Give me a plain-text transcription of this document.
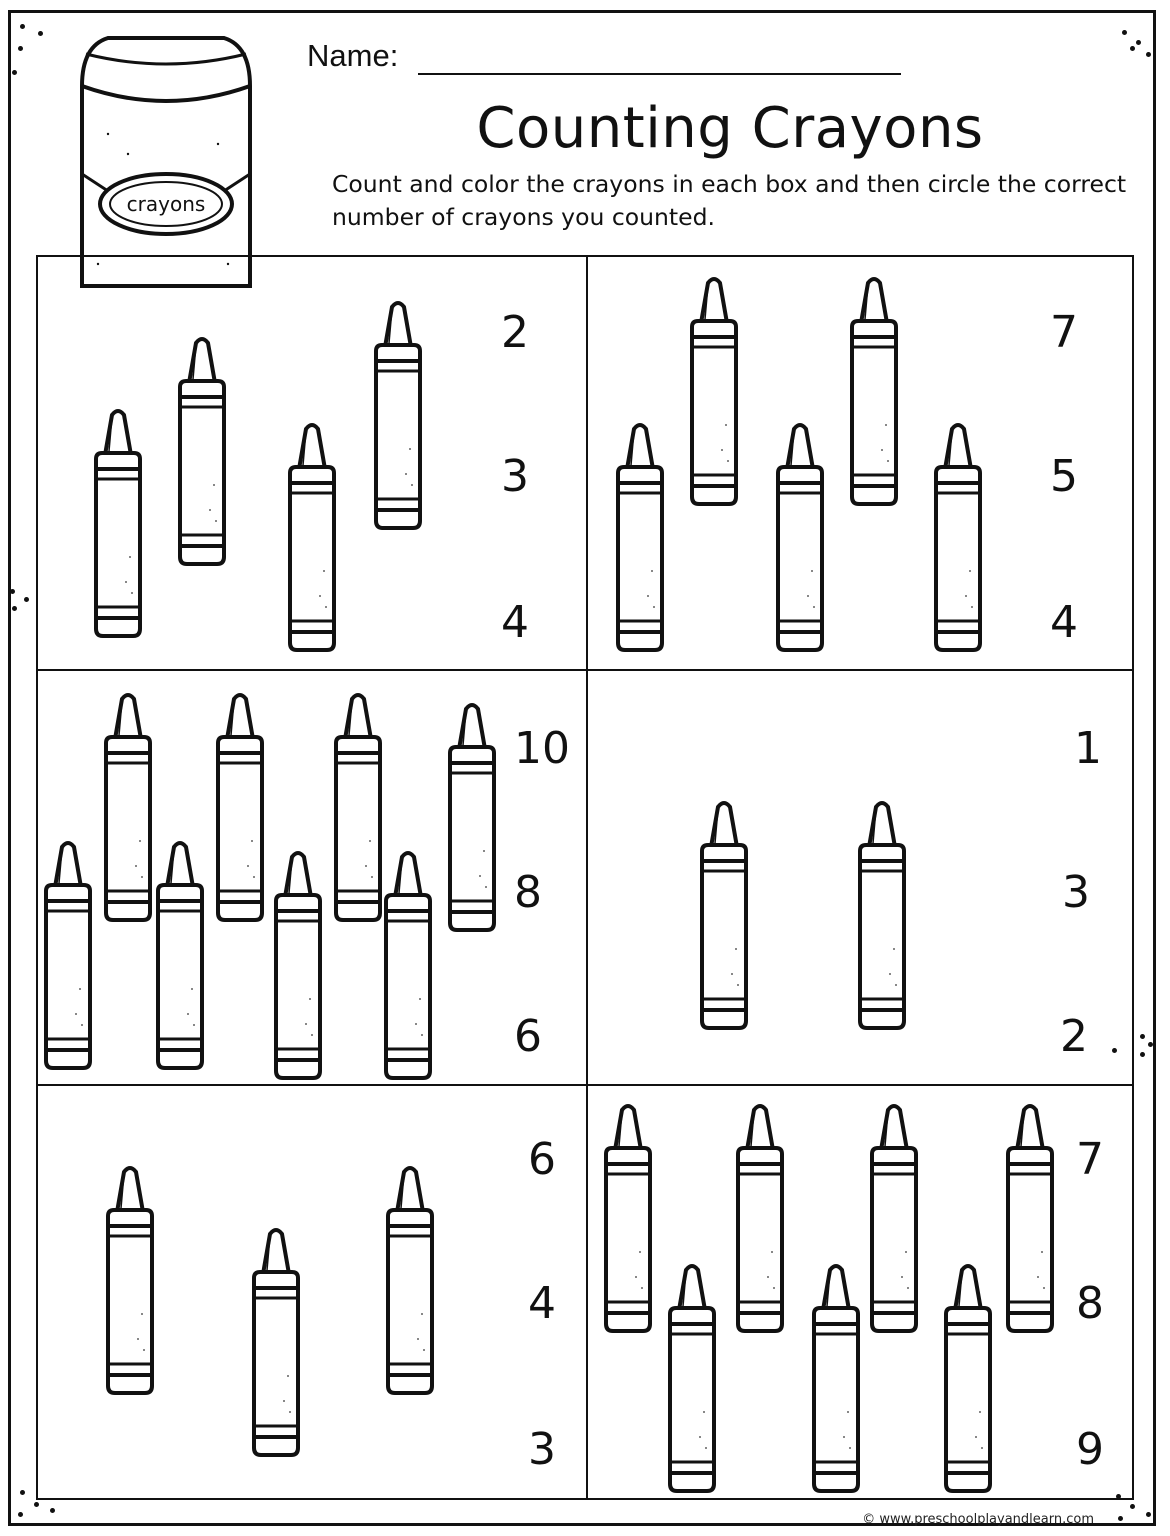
crayons
Name:
Counting Crayons
Count and color the crayons in each box and then circle the correct number of crayons you counted.
2
3
4
7
5
4
10
8
6
1
3
2
6
4
3
7
8
9
© www.preschoolplayandlearn.com
